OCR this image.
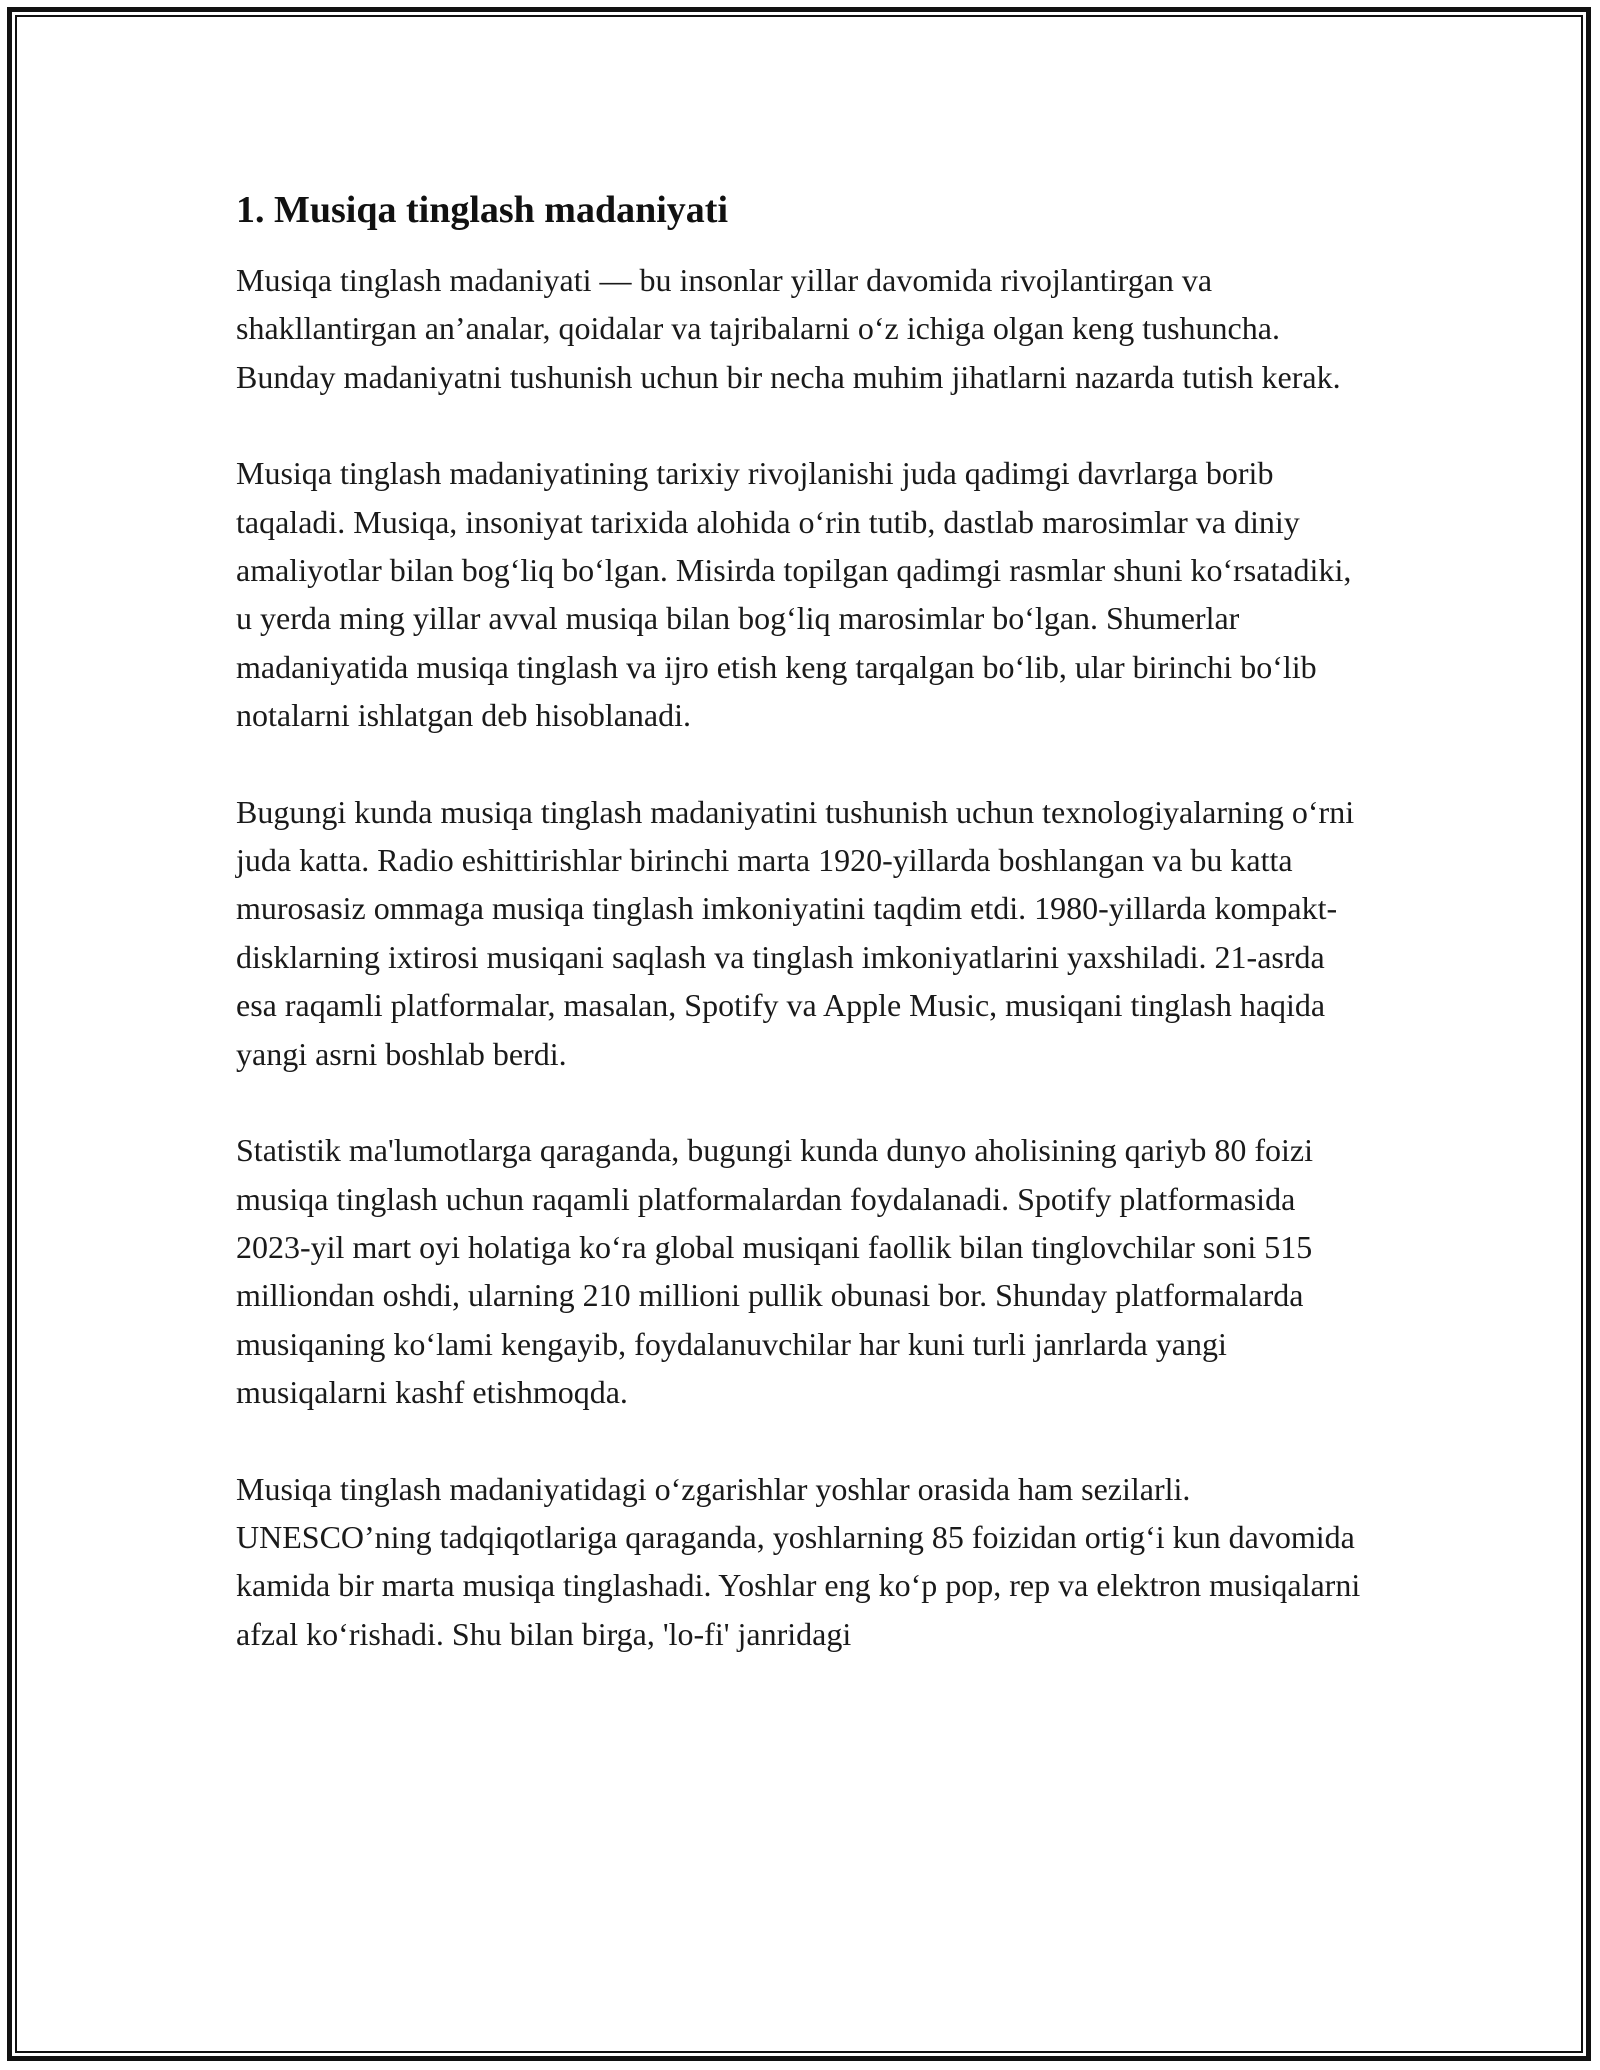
1. Musiqa tinglash madaniyati

Musiqa tinglash madaniyati — bu insonlar yillar davomida rivojlantirgan va shakllantirgan an’analar, qoidalar va tajribalarni o‘z ichiga olgan keng tushuncha. Bunday madaniyatni tushunish uchun bir necha muhim jihatlarni nazarda tutish kerak.

Musiqa tinglash madaniyatining tarixiy rivojlanishi juda qadimgi davrlarga borib taqaladi. Musiqa, insoniyat tarixida alohida o‘rin tutib, dastlab marosimlar va diniy amaliyotlar bilan bog‘liq bo‘lgan. Misirda topilgan qadimgi rasmlar shuni ko‘rsatadiki, u yerda ming yillar avval musiqa bilan bog‘liq marosimlar bo‘lgan. Shumerlar madaniyatida musiqa tinglash va ijro etish keng tarqalgan bo‘lib, ular birinchi bo‘lib notalarni ishlatgan deb hisoblanadi.

Bugungi kunda musiqa tinglash madaniyatini tushunish uchun texnologiyalarning o‘rni juda katta. Radio eshittirishlar birinchi marta 1920-yillarda boshlangan va bu katta murosasiz ommaga musiqa tinglash imkoniyatini taqdim etdi. 1980-yillarda kompakt-disklarning ixtirosi musiqani saqlash va tinglash imkoniyatlarini yaxshiladi. 21-asrda esa raqamli platformalar, masalan, Spotify va Apple Music, musiqani tinglash haqida yangi asrni boshlab berdi.

Statistik ma'lumotlarga qaraganda, bugungi kunda dunyo aholisining qariyb 80 foizi musiqa tinglash uchun raqamli platformalardan foydalanadi. Spotify platformasida 2023-yil mart oyi holatiga ko‘ra global musiqani faollik bilan tinglovchilar soni 515 milliondan oshdi, ularning 210 millioni pullik obunasi bor. Shunday platformalarda musiqaning ko‘lami kengayib, foydalanuvchilar har kuni turli janrlarda yangi musiqalarni kashf etishmoqda.

Musiqa tinglash madaniyatidagi o‘zgarishlar yoshlar orasida ham sezilarli. UNESCO’ning tadqiqotlariga qaraganda, yoshlarning 85 foizidan ortig‘i kun davomida kamida bir marta musiqa tinglashadi. Yoshlar eng ko‘p pop, rep va elektron musiqalarni afzal ko‘rishadi. Shu bilan birga, 'lo-fi' janridagi
